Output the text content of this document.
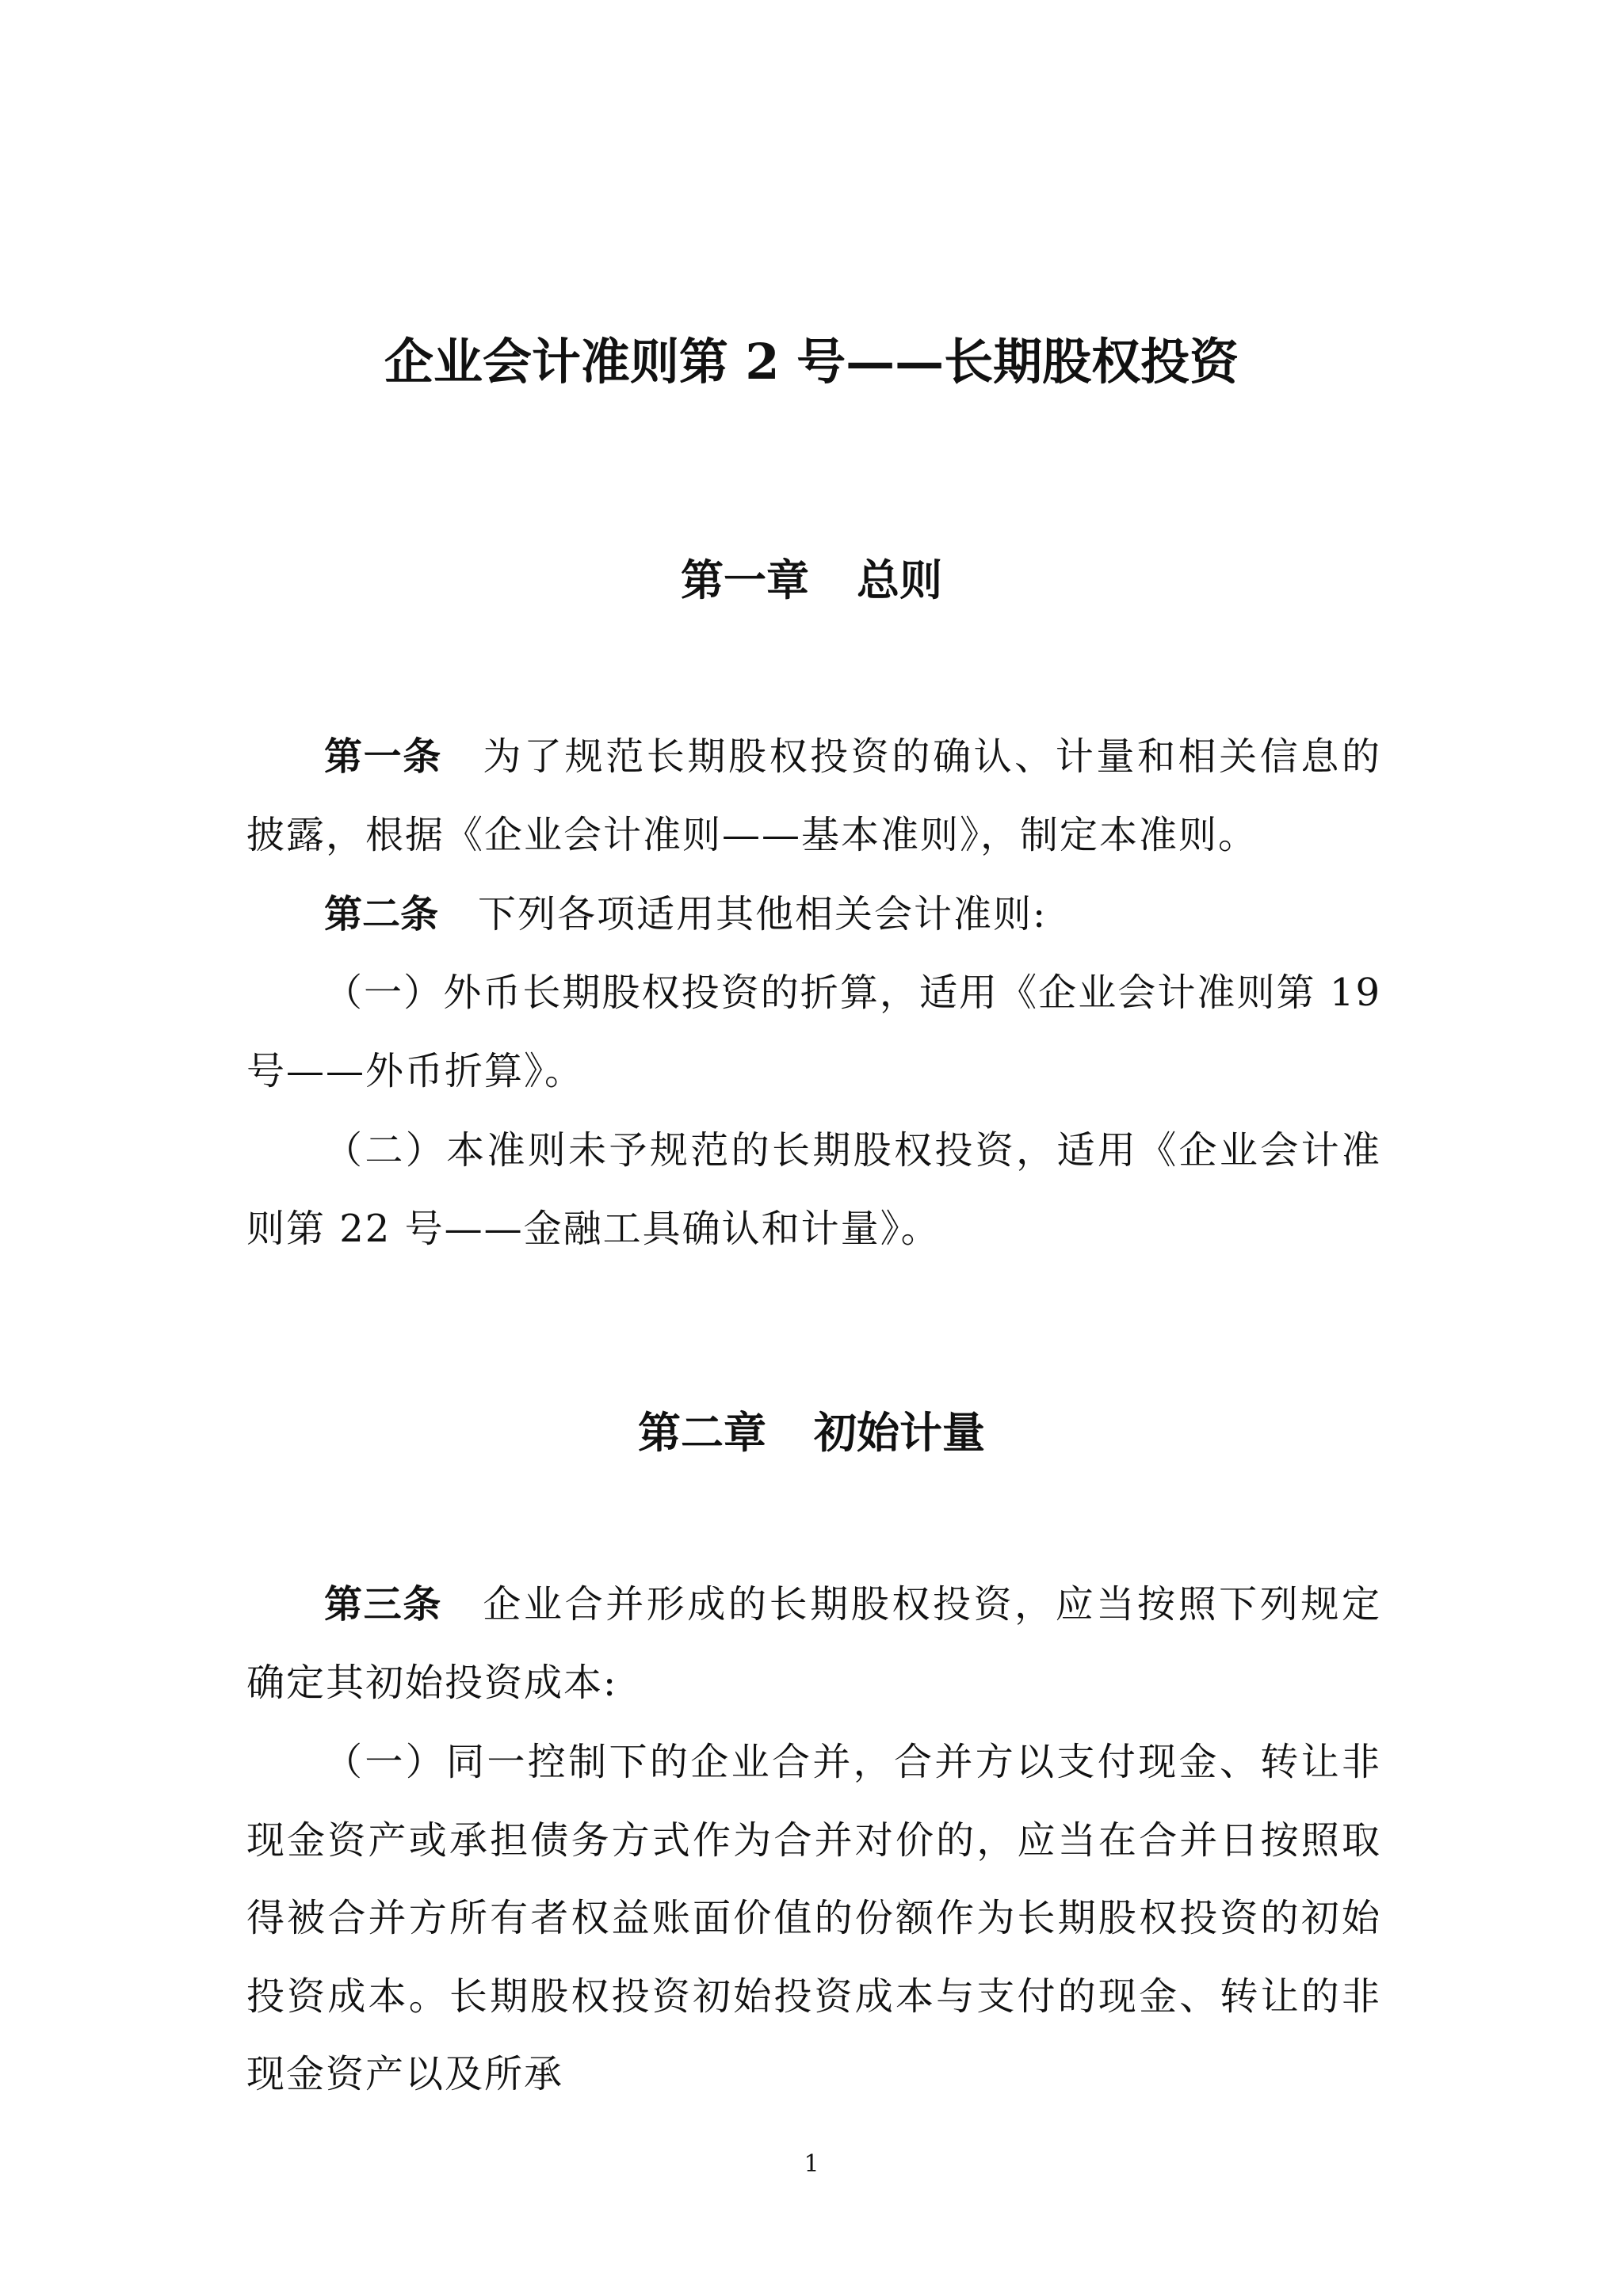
企业会计准则第 2 号——长期股权投资
第一章 总则

第一条 为了规范长期股权投资的确认、计量和相关信息的披露，根据《企业会计准则——基本准则》，制定本准则。

第二条 下列各项适用其他相关会计准则:

（一）外币长期股权投资的折算，适用《企业会计准则第 19 号——外币折算》。

（二）本准则未予规范的长期股权投资，适用《企业会计准则第 22 号——金融工具确认和计量》。

第二章 初始计量

第三条 企业合并形成的长期股权投资，应当按照下列规定确定其初始投资成本:

（一）同一控制下的企业合并，合并方以支付现金、转让非现金资产或承担债务方式作为合并对价的，应当在合并日按照取得被合并方所有者权益账面价值的份额作为长期股权投资的初始投资成本。长期股权投资初始投资成本与支付的现金、转让的非现金资产以及所承

1
